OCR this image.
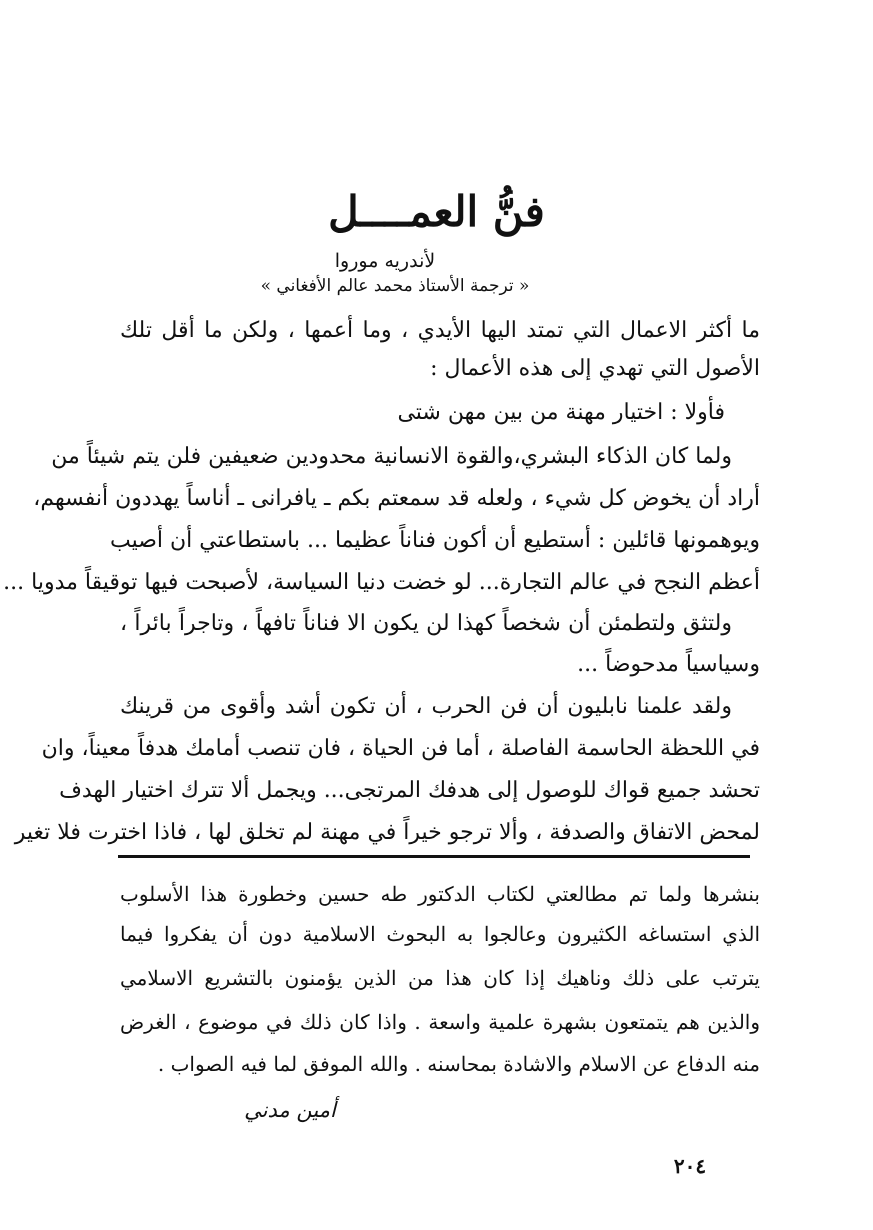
فنُّ العمــــل
لأندريه موروا
« ترجمة الأستاذ محمد عالم الأفغاني »
ما أكثر الاعمال التي تمتد اليها الأيدي ، وما أعمها ، ولكن ما أقل تلك
الأصول التي تهدي إلى هذه الأعمال :
فأولا : اختيار مهنة من بين مهن شتى
ولما كان الذكاء البشري،والقوة الانسانية محدودين ضعيفين فلن يتم شيئاً من
أراد أن يخوض كل شيء ، ولعله قد سمعتم بكم ـ يافرانى ـ أناساً يهددون أنفسهم،
ويوهمونها قائلين : أستطيع أن أكون فناناً عظيما ... باستطاعتي أن أصيب
أعظم النجح في عالم التجارة... لو خضت دنيا السياسة، لأصبحت فيها توقيقاً مدويا ...
ولتثق ولتطمئن أن شخصاً كهذا لن يكون الا فناناً تافهاً ، وتاجراً بائراً ،
وسياسياً مدحوضاً ...
ولقد علمنا نابليون أن فن الحرب ، أن تكون أشد وأقوى من قرينك
في اللحظة الحاسمة الفاصلة ، أما فن الحياة ، فان تنصب أمامك هدفاً معيناً، وان
تحشد جميع قواك للوصول إلى هدفك المرتجى... ويجمل ألا تترك اختيار الهدف
لمحض الاتفاق والصدفة ، وألا ترجو خيراً في مهنة لم تخلق لها ، فاذا اخترت فلا تغير
بنشرها ولما تم مطالعتي لكتاب الدكتور طه حسين وخطورة هذا الأسلوب
الذي استساغه الكثيرون وعالجوا به البحوث الاسلامية دون أن يفكروا فيما
يترتب على ذلك وناهيك إذا كان هذا من الذين يؤمنون بالتشريع الاسلامي
والذين هم يتمتعون بشهرة علمية واسعة . واذا كان ذلك في موضوع ، الغرض
منه الدفاع عن الاسلام والاشادة بمحاسنه . والله الموفق لما فيه الصواب .
أمين مدني
٢٠٤
